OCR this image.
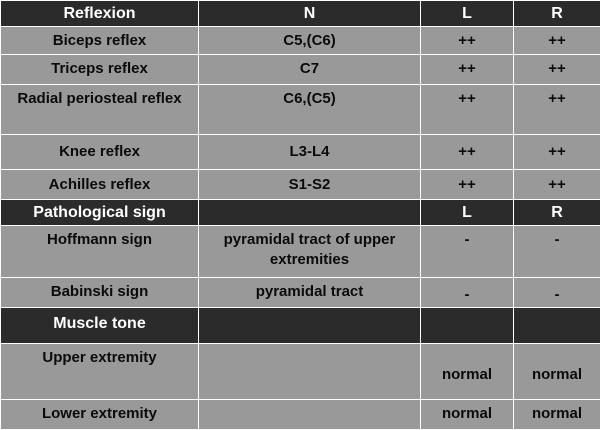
Reflexion	N	L	R
Biceps reflex	C5,(C6)	++	++
Triceps reflex	C7	++	++
Radial periosteal reflex	C6,(C5)	++	++
Knee reflex	L3-L4	++	++
Achilles reflex	S1-S2	++	++
Pathological sign		L	R
Hoffmann sign	pyramidal tract of upper extremities	-	-
Babinski sign	pyramidal tract	-	-
Muscle tone			
Upper extremity		normal	normal
Lower extremity		normal	normal
